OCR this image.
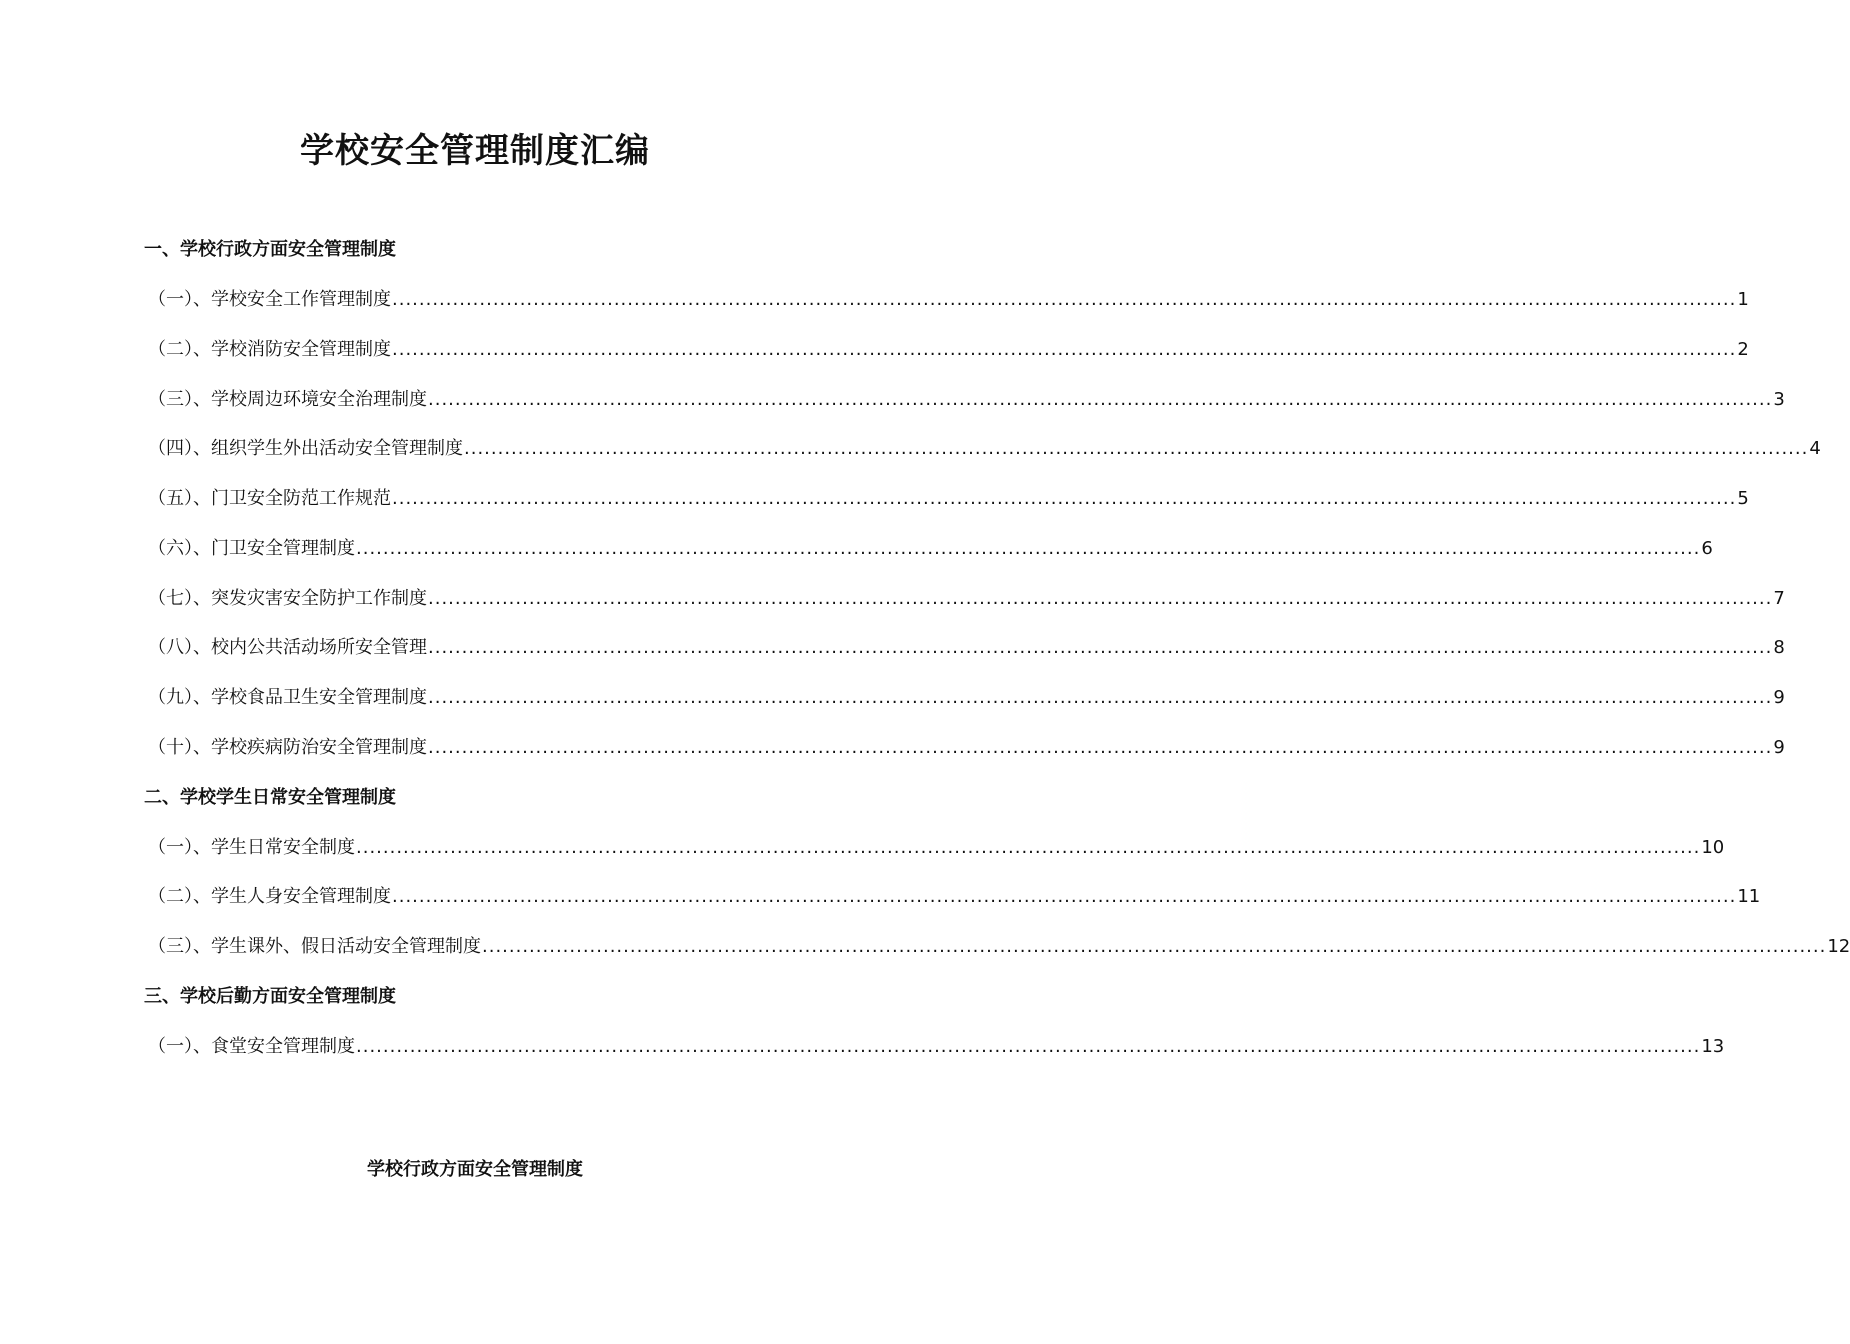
学校安全管理制度汇编
一、学校行政方面安全管理制度
（一）、学校安全工作管理制度 ........................................................................................................................................................................................................ 1
（二）、学校消防安全管理制度 ........................................................................................................................................................................................................ 2
（三）、学校周边环境安全治理制度 ........................................................................................................................................................................................................ 3
（四）、组织学生外出活动安全管理制度 ........................................................................................................................................................................................................ 4
（五）、门卫安全防范工作规范 ........................................................................................................................................................................................................ 5
（六）、门卫安全管理制度 ........................................................................................................................................................................................................ 6
（七）、突发灾害安全防护工作制度 ........................................................................................................................................................................................................ 7
（八）、校内公共活动场所安全管理 ........................................................................................................................................................................................................ 8
（九）、学校食品卫生安全管理制度 ........................................................................................................................................................................................................ 9
（十）、学校疾病防治安全管理制度 ........................................................................................................................................................................................................ 9
二、学校学生日常安全管理制度
（一）、学生日常安全制度 ........................................................................................................................................................................................................ 10
（二）、学生人身安全管理制度 ........................................................................................................................................................................................................ 11
（三）、学生课外、假日活动安全管理制度 ........................................................................................................................................................................................................ 12
三、学校后勤方面安全管理制度
（一）、食堂安全管理制度 ........................................................................................................................................................................................................ 13
学校行政方面安全管理制度
